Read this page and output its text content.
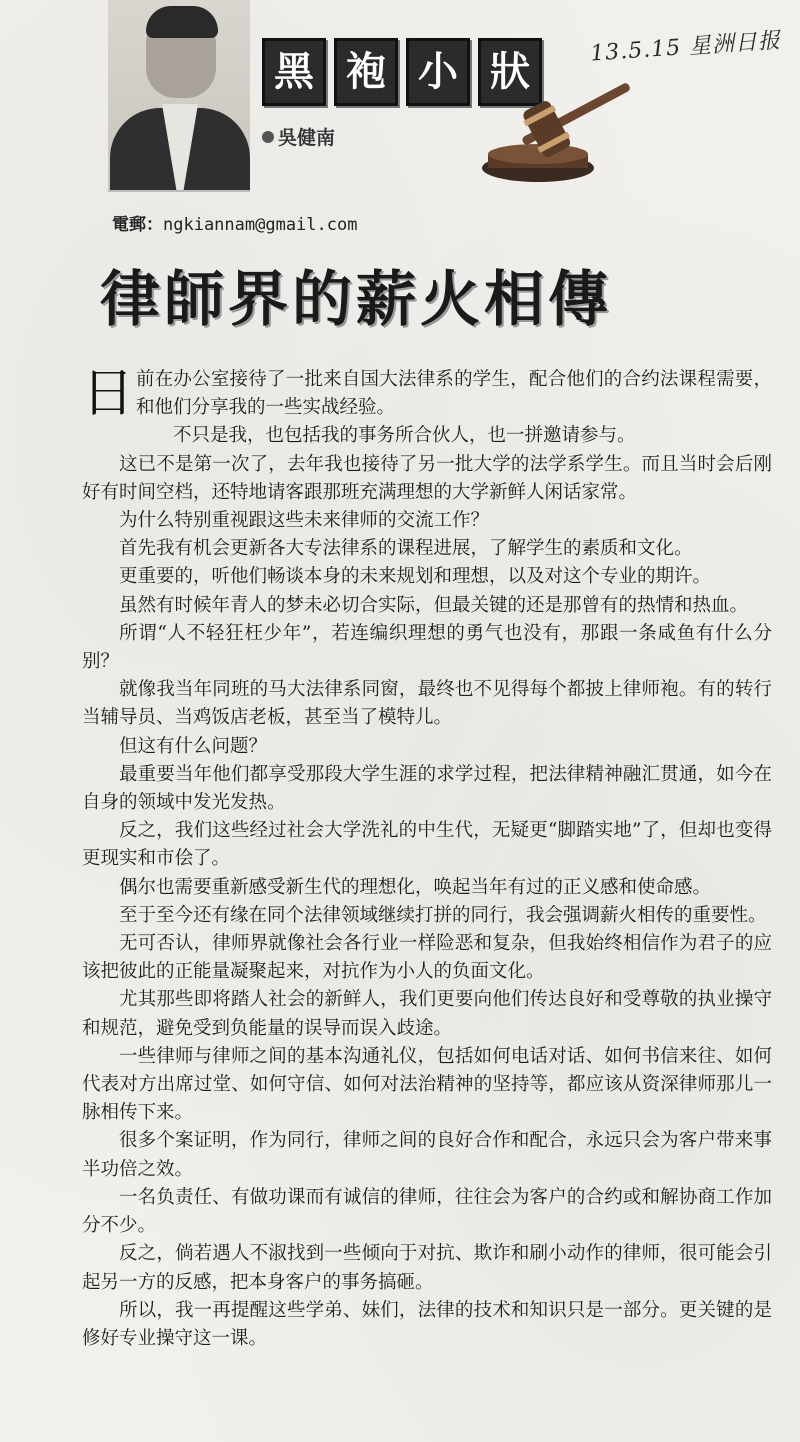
黑 袍 小 狀
吳健南
13.5.15 星洲日报
電郵：ngkiannam@gmail.com
律師界的薪火相傳

日前在办公室接待了一批来自国大法律系的学生，配合他们的合约法课程需要，和他们分享我的一些实战经验。

不只是我，也包括我的事务所合伙人，也一拼邀请参与。

这已不是第一次了，去年我也接待了另一批大学的法学系学生。而且当时会后刚好有时间空档，还特地请客跟那班充满理想的大学新鲜人闲话家常。

为什么特别重视跟这些未来律师的交流工作？

首先我有机会更新各大专法律系的课程进展，了解学生的素质和文化。

更重要的，听他们畅谈本身的未来规划和理想，以及对这个专业的期许。

虽然有时候年青人的梦未必切合实际，但最关键的还是那曾有的热情和热血。

所谓“人不轻狂枉少年”，若连编织理想的勇气也没有，那跟一条咸鱼有什么分别？

就像我当年同班的马大法律系同窗，最终也不见得每个都披上律师袍。有的转行当辅导员、当鸡饭店老板，甚至当了模特儿。

但这有什么问题？

最重要当年他们都享受那段大学生涯的求学过程，把法律精神融汇贯通，如今在自身的领域中发光发热。

反之，我们这些经过社会大学洗礼的中生代，无疑更“脚踏实地”了，但却也变得更现实和市侩了。

偶尔也需要重新感受新生代的理想化，唤起当年有过的正义感和使命感。

至于至今还有缘在同个法律领域继续打拼的同行，我会强调薪火相传的重要性。

无可否认，律师界就像社会各行业一样险恶和复杂，但我始终相信作为君子的应该把彼此的正能量凝聚起来，对抗作为小人的负面文化。

尤其那些即将踏人社会的新鲜人，我们更要向他们传达良好和受尊敬的执业操守和规范，避免受到负能量的误导而误入歧途。

一些律师与律师之间的基本沟通礼仪，包括如何电话对话、如何书信来往、如何代表对方出席过堂、如何守信、如何对法治精神的坚持等，都应该从资深律师那儿一脉相传下来。

很多个案证明，作为同行，律师之间的良好合作和配合，永远只会为客户带来事半功倍之效。

一名负责任、有做功课而有诚信的律师，往往会为客户的合约或和解协商工作加分不少。

反之，倘若遇人不淑找到一些倾向于对抗、欺诈和刷小动作的律师，很可能会引起另一方的反感，把本身客户的事务搞砸。

所以，我一再提醒这些学弟、妹们，法律的技术和知识只是一部分。更关键的是修好专业操守这一课。
